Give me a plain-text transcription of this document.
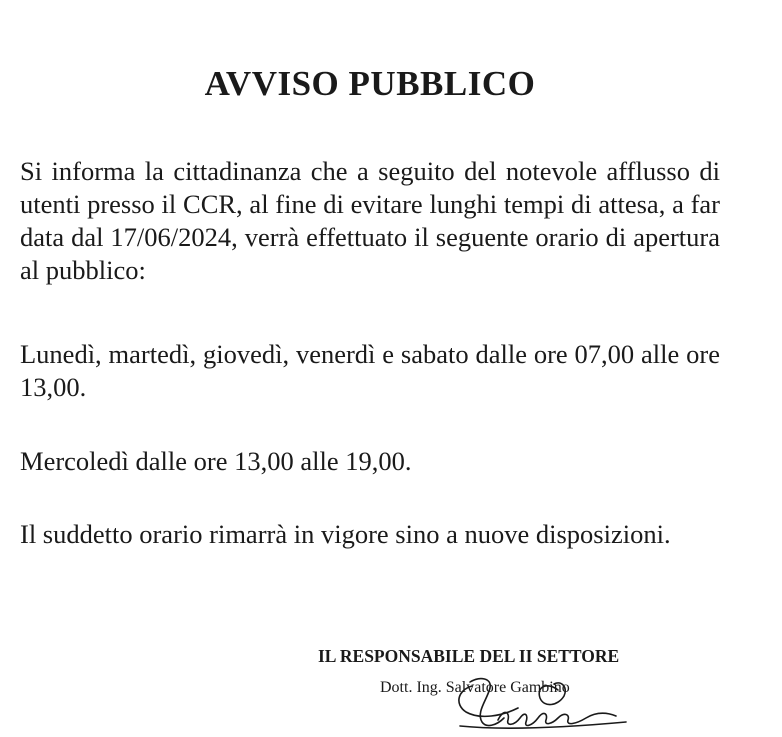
AVVISO PUBBLICO

Si informa la cittadinanza che a seguito del notevole afflusso di utenti presso il CCR, al fine di evitare lunghi tempi di attesa, a far data dal 17/06/2024, verrà effettuato il seguente orario di apertura al pubblico:

Lunedì, martedì, giovedì, venerdì e sabato dalle ore 07,00 alle ore 13,00.

Mercoledì dalle ore 13,00 alle 19,00.

Il suddetto orario rimarrà in vigore sino a nuove disposizioni.

IL RESPONSABILE DEL II SETTORE

Dott. Ing. Salvatore Gambino
